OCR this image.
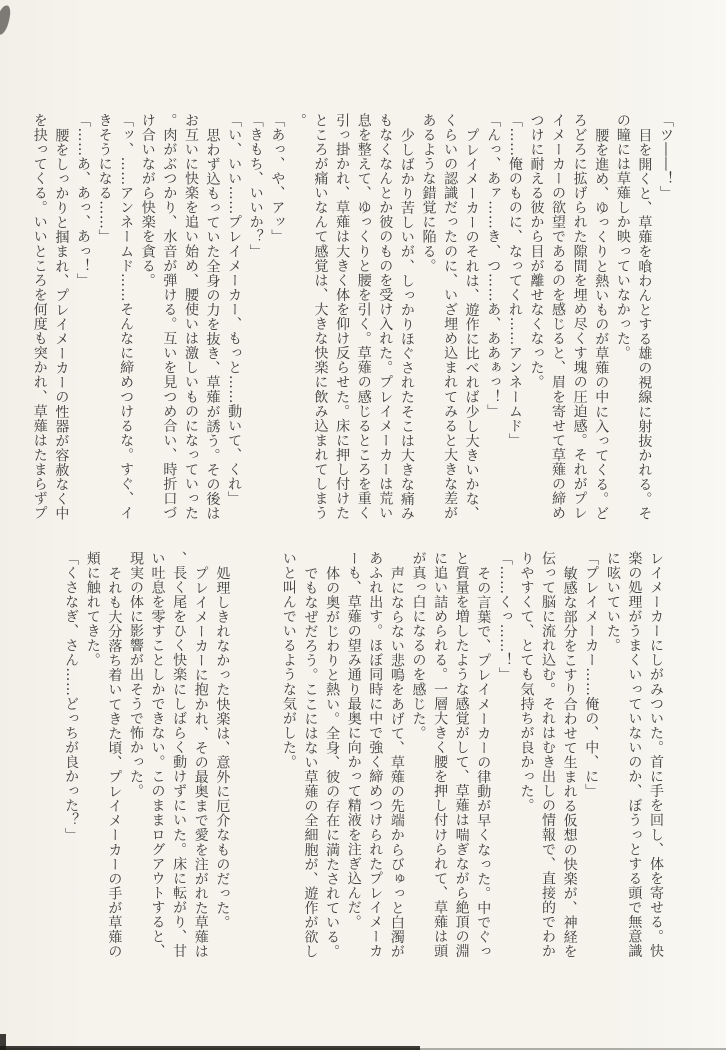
「ツ――！」

目を開くと、草薙を喰わんとする雄の視線に射抜かれる。その瞳には草薙しか映っていなかった。

腰を進め、ゆっくりと熱いものが草薙の中に入ってくる。どろどろに拡げられた隙間を埋め尽くす塊の圧迫感。それがプレイメーカーの欲望であるのを感じると、眉を寄せて草薙の締めつけに耐える彼から目が離せなくなった。

「……俺のものに、なってくれ……アンネームド」

「んっ、あァ……き、つ……あ、ああぁっ！」

プレイメーカーのそれは、遊作に比べれば少し大きいかな、くらいの認識だったのに、いざ埋め込まれてみると大きな差があるような錯覚に陥る。

少しばかり苦しいが、しっかりほぐされたそこは大きな痛みもなくなんとか彼のものを受け入れた。プレイメーカーは荒い息を整えて、ゆっくりと腰を引く。草薙の感じるところを重く引っ掛かれ、草薙は大きく体を仰け反らせた。床に押し付けたところが痛いなんて感覚は、大きな快楽に飲み込まれてしまう。

「あっ、や、アッ」

「きもち、いいか？」

「い、いい……プレイメーカー、もっと……動いて、くれ」

思わず込もっていた全身の力を抜き、草薙が誘う。その後はお互いに快楽を追い始め、腰使いは激しいものになっていった。肉がぶつかり、水音が弾ける。互いを見つめ合い、時折口づけ合いながら快楽を貪る。

「ッ、……アンネームド……そんなに締めつけるな。すぐ、イきそうになる……」

「……あ、あっ、あっ！」

腰をしっかりと掴まれ、プレイメーカーの性器が容赦なく中を抉ってくる。いいところを何度も突かれ、草薙はたまらずプ

レイメーカーにしがみついた。首に手を回し、体を寄せる。快楽の処理がうまくいっていないのか、ぼうっとする頭で無意識に呟いていた。

「プレイメーカー……俺の、中、に」

敏感な部分をこすり合わせて生まれる仮想の快楽が、神経を伝って脳に流れ込む。それはむき出しの情報で、直接的でわかりやすくて、とても気持ちが良かった。

「……くっ……！」

その言葉で、プレイメーカーの律動が早くなった。中でぐっと質量を増したような感覚がして、草薙は喘ぎながら絶頂の淵に追い詰められる。一層大きく腰を押し付けられて、草薙は頭が真っ白になるのを感じた。

声にならない悲鳴をあげて、草薙の先端からびゅっと白濁があふれ出す。ほぼ同時に中で強く締めつけられたプレイメーカーも、草薙の望み通り最奥に向かって精液を注ぎ込んだ。

体の奥がじわりと熱い。全身、彼の存在に満たされている。

でもなぜだろう。ここにはない草薙の全細胞が、遊作が欲しいと叫んでいるような気がした。

処理しきれなかった快楽は、意外に厄介なものだった。

プレイメーカーに抱かれ、その最奥まで愛を注がれた草薙は、長く尾をひく快楽にしばらく動けずにいた。床に転がり、甘い吐息を零すことしかできない。このままログアウトすると、現実の体に影響が出そうで怖かった。

それも大分落ち着いてきた頃、プレイメーカーの手が草薙の頬に触れてきた。

「くさなぎ、さん……どっちが良かった？」
